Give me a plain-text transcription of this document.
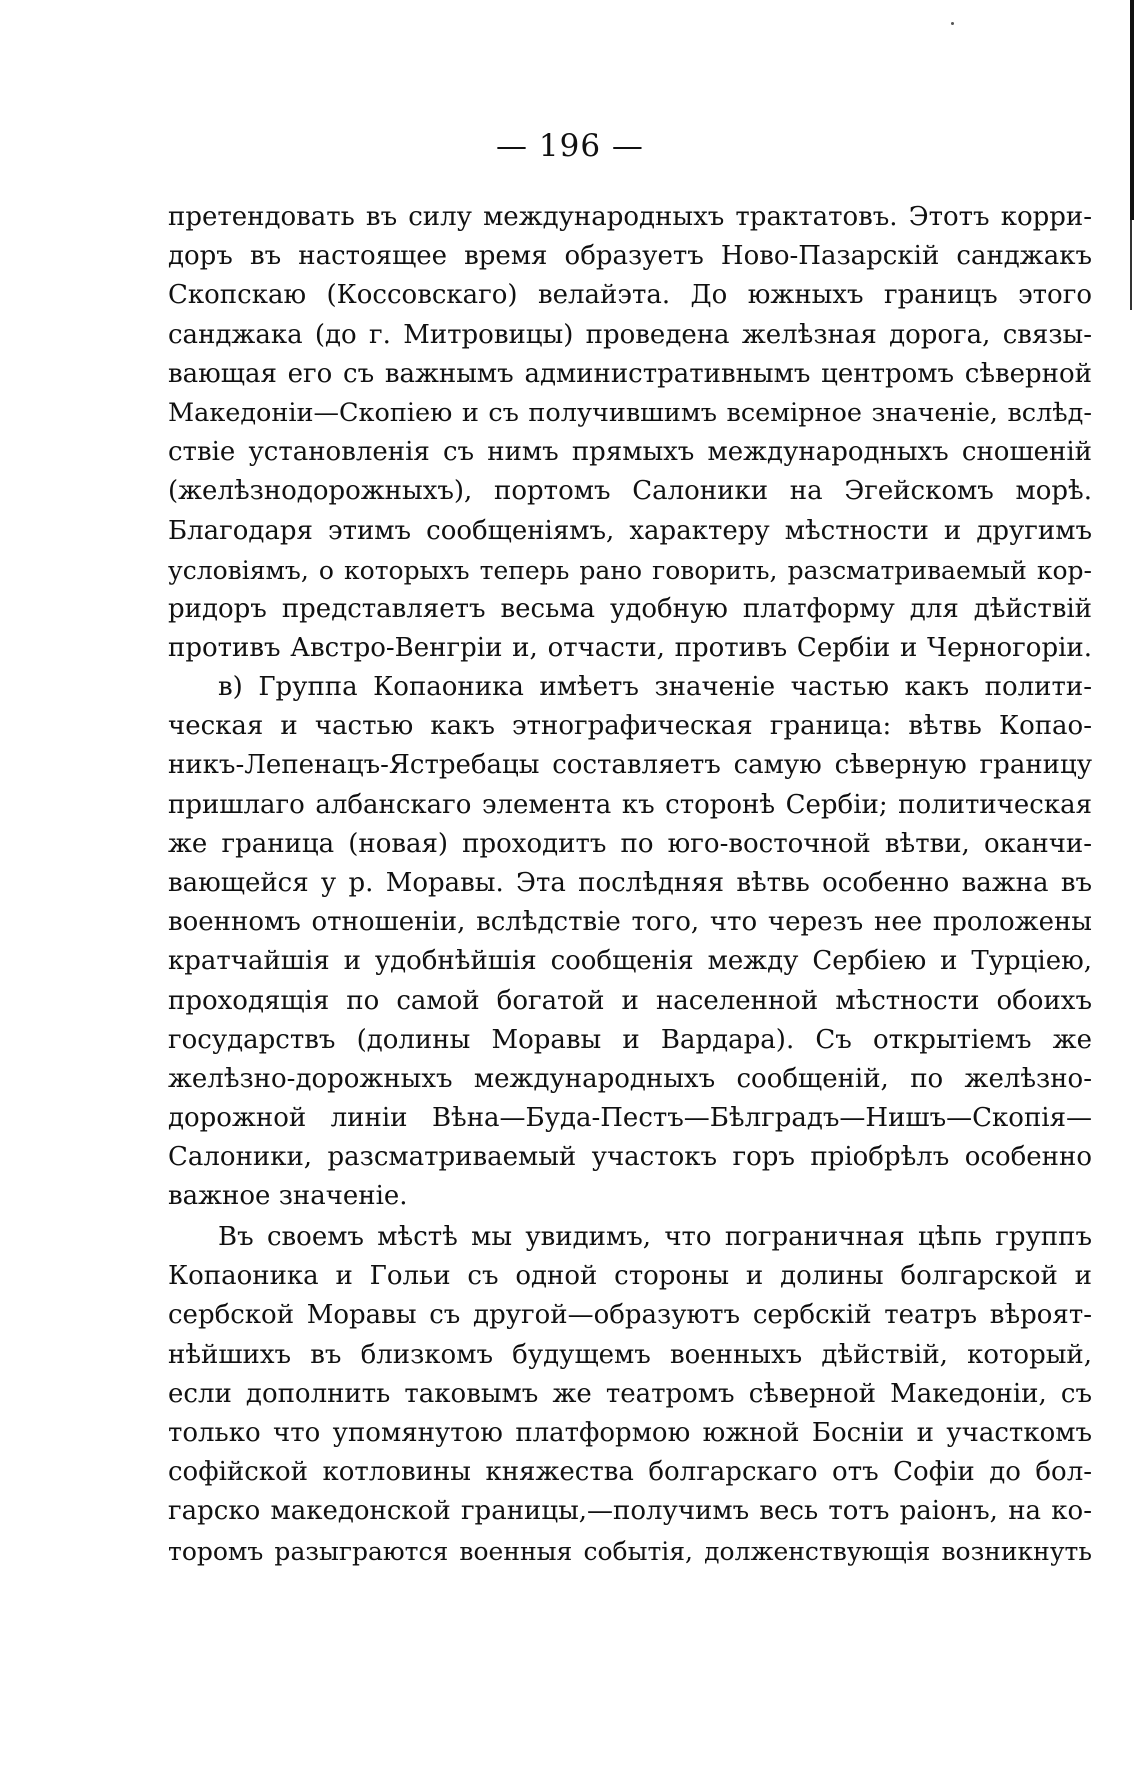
— 196 —
претендовать въ силу международныхъ трактатовъ. Этотъ корри-
доръ въ настоящее время образуетъ Ново-Пазарскій санджакъ
Скопскаю (Коссовскаго) велайэта. До южныхъ границъ этого
санджака (до г. Митровицы) проведена желѣзная дорога, связы-
вающая его съ важнымъ административнымъ центромъ сѣверной
Македоніи—Скопіею и съ получившимъ всемірное значеніе, вслѣд-
ствіе установленія съ нимъ прямыхъ международныхъ сношеній
(желѣзнодорожныхъ), портомъ Салоники на Эгейскомъ морѣ.
Благодаря этимъ сообщеніямъ, характеру мѣстности и другимъ
условіямъ, о которыхъ теперь рано говорить, разсматриваемый кор-
ридоръ представляетъ весьма удобную платформу для дѣйствій
противъ Австро-Венгріи и, отчасти, противъ Сербіи и Черногоріи.
в) Группа Копаоника имѣетъ значеніе частью какъ полити-
ческая и частью какъ этнографическая граница: вѣтвь Копао-
никъ-Лепенацъ-Ястребацы составляетъ самую сѣверную границу
пришлаго албанскаго элемента къ сторонѣ Сербіи; политическая
же граница (новая) проходитъ по юго-восточной вѣтви, оканчи-
вающейся у р. Моравы. Эта послѣдняя вѣтвь особенно важна въ
военномъ отношеніи, вслѣдствіе того, что черезъ нее проложены
кратчайшія и удобнѣйшія сообщенія между Сербіею и Турціею,
проходящія по самой богатой и населенной мѣстности обоихъ
государствъ (долины Моравы и Вардара). Съ открытіемъ же
желѣзно-дорожныхъ международныхъ сообщеній, по желѣзно-
дорожной линіи Вѣна—Буда-Пестъ—Бѣлградъ—Нишъ—Скопія—
Салоники, разсматриваемый участокъ горъ пріобрѣлъ особенно
важное значеніе.
Въ своемъ мѣстѣ мы увидимъ, что пограничная цѣпь группъ
Копаоника и Гольи съ одной стороны и долины болгарской и
сербской Моравы съ другой—образуютъ сербскій театръ вѣроят-
нѣйшихъ въ близкомъ будущемъ военныхъ дѣйствій, который,
если дополнить таковымъ же театромъ сѣверной Македоніи, съ
только что упомянутою платформою южной Босніи и участкомъ
софійской котловины княжества болгарскаго отъ Софіи до бол-
гарско македонской границы,—получимъ весь тотъ раіонъ, на ко-
торомъ разыграются военныя событія, долженствующія возникнуть
